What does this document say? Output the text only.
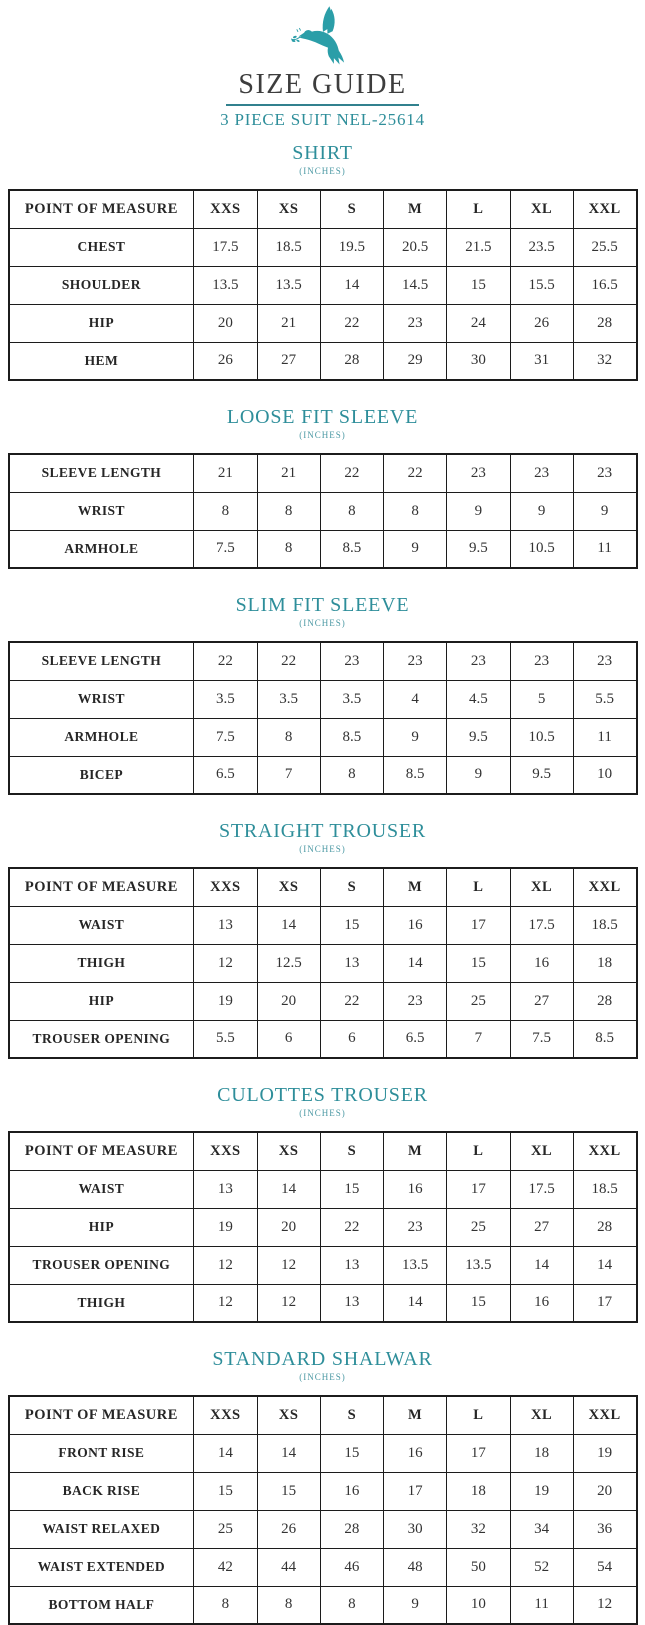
SIZE GUIDE
3 PIECE SUIT NEL-25614
SHIRT
(INCHES)
POINT OF MEASURE	XXS	XS	S	M	L	XL	XXL
CHEST	17.5	18.5	19.5	20.5	21.5	23.5	25.5
SHOULDER	13.5	13.5	14	14.5	15	15.5	16.5
HIP	20	21	22	23	24	26	28
HEM	26	27	28	29	30	31	32
LOOSE FIT SLEEVE
(INCHES)
SLEEVE LENGTH	21	21	22	22	23	23	23
WRIST	8	8	8	8	9	9	9
ARMHOLE	7.5	8	8.5	9	9.5	10.5	11
SLIM FIT SLEEVE
(INCHES)
SLEEVE LENGTH	22	22	23	23	23	23	23
WRIST	3.5	3.5	3.5	4	4.5	5	5.5
ARMHOLE	7.5	8	8.5	9	9.5	10.5	11
BICEP	6.5	7	8	8.5	9	9.5	10
STRAIGHT TROUSER
(INCHES)
POINT OF MEASURE	XXS	XS	S	M	L	XL	XXL
WAIST	13	14	15	16	17	17.5	18.5
THIGH	12	12.5	13	14	15	16	18
HIP	19	20	22	23	25	27	28
TROUSER OPENING	5.5	6	6	6.5	7	7.5	8.5
CULOTTES TROUSER
(INCHES)
POINT OF MEASURE	XXS	XS	S	M	L	XL	XXL
WAIST	13	14	15	16	17	17.5	18.5
HIP	19	20	22	23	25	27	28
TROUSER OPENING	12	12	13	13.5	13.5	14	14
THIGH	12	12	13	14	15	16	17
STANDARD SHALWAR
(INCHES)
POINT OF MEASURE	XXS	XS	S	M	L	XL	XXL
FRONT RISE	14	14	15	16	17	18	19
BACK RISE	15	15	16	17	18	19	20
WAIST RELAXED	25	26	28	30	32	34	36
WAIST EXTENDED	42	44	46	48	50	52	54
BOTTOM HALF	8	8	8	9	10	11	12
